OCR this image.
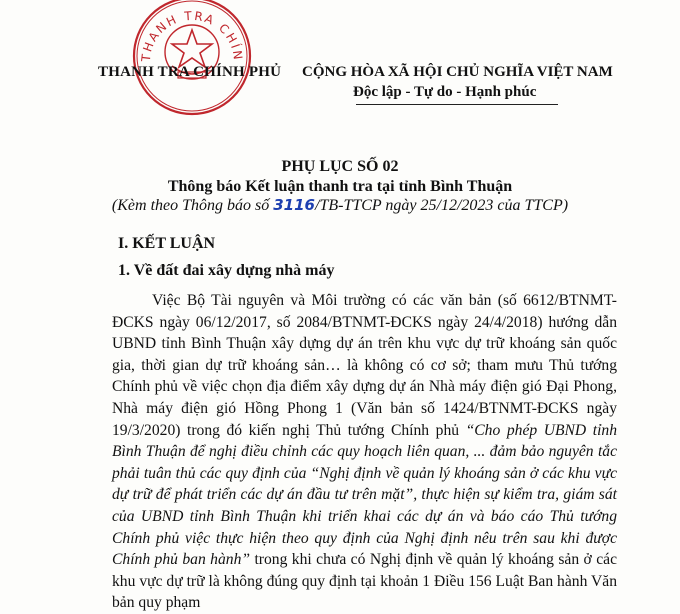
THANH TRA CHÍN
THANH TRA CHÍNH PHỦ CỘNG HÒA XÃ HỘI CHỦ NGHĨA VIỆT NAM
Độc lập - Tự do - Hạnh phúc
PHỤ LỤC SỐ 02
Thông báo Kết luận thanh tra tại tỉnh Bình Thuận
(Kèm theo Thông báo số 3116/TB-TTCP ngày 25/12/2023 của TTCP)
I. KẾT LUẬN
1. Về đất đai xây dựng nhà máy
Việc Bộ Tài nguyên và Môi trường có các văn bản (số 6612/BTNMT-ĐCKS ngày 06/12/2017, số 2084/BTNMT-ĐCKS ngày 24/4/2018) hướng dẫn UBND tỉnh Bình Thuận xây dựng dự án trên khu vực dự trữ khoáng sản quốc gia, thời gian dự trữ khoáng sản… là không có cơ sở; tham mưu Thủ tướng Chính phủ về việc chọn địa điểm xây dựng dự án Nhà máy điện gió Đại Phong, Nhà máy điện gió Hồng Phong 1 (Văn bản số 1424/BTNMT-ĐCKS ngày 19/3/2020) trong đó kiến nghị Thủ tướng Chính phủ “Cho phép UBND tỉnh Bình Thuận để nghị điều chỉnh các quy hoạch liên quan, ... đảm bảo nguyên tắc phải tuân thủ các quy định của “Nghị định về quản lý khoáng sản ở các khu vực dự trữ để phát triển các dự án đầu tư trên mặt”, thực hiện sự kiểm tra, giám sát của UBND tỉnh Bình Thuận khi triển khai các dự án và báo cáo Thủ tướng Chính phủ việc thực hiện theo quy định của Nghị định nêu trên sau khi được Chính phủ ban hành” trong khi chưa có Nghị định về quản lý khoáng sản ở các khu vực dự trữ là không đúng quy định tại khoản 1 Điều 156 Luật Ban hành Văn bản quy phạm
